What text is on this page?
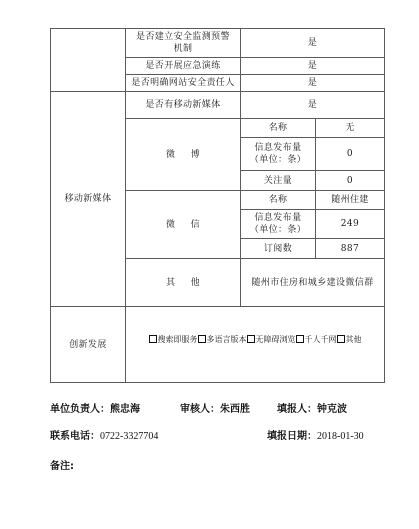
	是否建立安全监测预警
机制	是	
	是否开展应急演练	是	
	是否明确网站安全责任人	是	
移动新媒体	是否有移动新媒体	是	
	微 博	名称	无
		信息发布量
（单位：条）	0
		关注量	0
	微 信	名称	随州住建
		信息发布量
（单位：条）	249
		订阅数	887
	其 他	随州市住房和城乡建设微信群	
创新发展	搜索即服务 多语言版本 无障碍浏览 千人千网 其他		
单位负责人：熊忠海	审核人：朱西胜	填报人：钟克波
联系电话：0722-3327704	填报日期：2018-01-30
备注:
